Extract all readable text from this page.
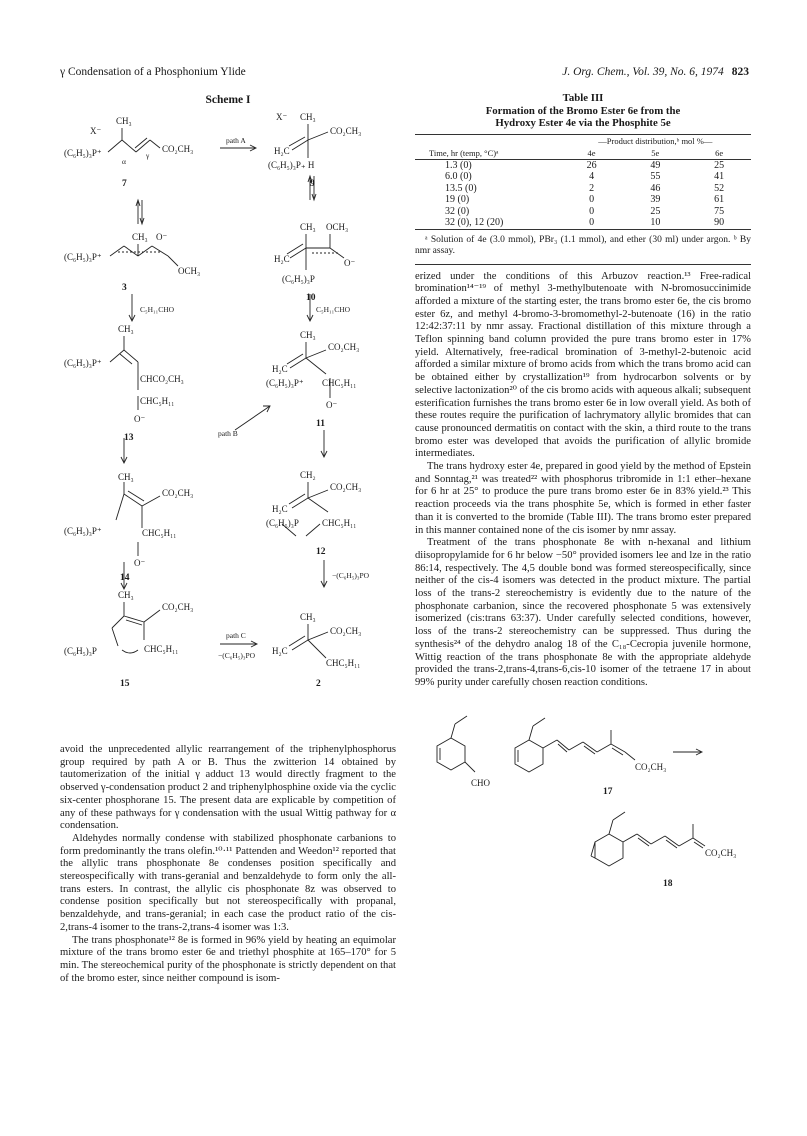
γ Condensation of a Phosphonium Ylide	J. Org. Chem., Vol. 39, No. 6, 1974 823
Scheme I
X⁻
CH₃
(C₆H₅)₃P⁺	CO₂CH₃
α
γ
7
path A
X⁻ CH₃
CO₂CH₃
H₂C
(C₆H₅)₃P₊ H
9
CH₃ O⁻
(C₆H₅)₃P⁺
OCH₃
3
CH₃ OCH₃
H₂C	O⁻
(C₆H₅)₃P
10
C₅H₁₁CHO	C₅H₁₁CHO
CH₃
(C₆H₅)₃P⁺
CHCO₂CH₃
CHC₅H₁₁
O⁻
13	path B
CH₃
CO₂CH₃
H₂C
(C₆H₅)₃P⁺ CHC₅H₁₁
O⁻
11
CH₃
CO₂CH₃
(C₆H₅)₃P⁺	CHC₅H₁₁
O⁻
14
CH₂
CO₂CH₃
H₂C
(C₆H₅)₃P	CHC₅H₁₁
12
−(C₆H₅)₃PO
CH₃
CO₂CH₃
(C₆H₅)₃P	CHC₅H₁₁
15
path C
−(C₆H₅)₃PO
CH₃
CO₂CH₃
H₂C
CHC₅H₁₁
2

avoid the unprecedented allylic rearrangement of the triphenylphosphorus group required by path A or B. Thus the zwitterion 14 obtained by tautomerization of the initial γ adduct 13 would directly fragment to the observed γ-condensation product 2 and triphenylphosphine oxide via the cyclic six-center phosphorane 15. The present data are explicable by competition of any of these pathways for γ condensation with the usual Wittig pathway for α condensation.

Aldehydes normally condense with stabilized phosphonate carbanions to form predominantly the trans olefin.¹⁰·¹¹ Pattenden and Weedon¹² reported that the allylic trans phosphonate 8e condenses position specifically and stereospecifically with trans-geranial and benzaldehyde to form only the all-trans esters. In contrast, the allylic cis phosphonate 8z was observed to condense position specifically but not stereospecifically with propanal, benzaldehyde, and trans-geranial; in each case the product ratio of the cis-2,trans-4 isomer to the trans-2,trans-4 isomer was 1:3.

The trans phosphonate¹² 8e is formed in 96% yield by heating an equimolar mixture of the trans bromo ester 6e and triethyl phosphite at 165–170° for 5 min. The stereochemical purity of the phosphonate is strictly dependent on that of the bromo ester, since neither compound is isom-

Table III
Formation of the Bromo Ester 6e from the
Hydroxy Ester 4e via the Phosphite 5e
	—Product distribution,ᵇ mol %—		
Time, hr (temp, °C)ᵃ	4e	5e	6e
1.3 (0)	26	49	25
6.0 (0)	4	55	41
13.5 (0)	2	46	52
19 (0)	0	39	61
32 (0)	0	25	75
32 (0), 12 (20)	0	10	90
ᵃ Solution of 4e (3.0 mmol), PBr₃ (1.1 mmol), and ether (30 ml) under argon. ᵇ By nmr assay.

erized under the conditions of this Arbuzov reaction.¹³ Free-radical bromination¹⁴⁻¹⁹ of methyl 3-methylbutenoate with N-bromosuccinimide afforded a mixture of the starting ester, the trans bromo ester 6e, the cis bromo ester 6z, and methyl 4-bromo-3-bromomethyl-2-butenoate (16) in the ratio 12:42:37:11 by nmr assay. Fractional distillation of this mixture through a Teflon spinning band column provided the pure trans bromo ester in 17% yield. Alternatively, free-radical bromination of 3-methyl-2-butenoic acid afforded a similar mixture of bromo acids from which the trans bromo acid can be obtained either by crystallization¹⁹ from hydrocarbon solvents or by selective lactonization²⁰ of the cis bromo acids with aqueous alkali; subsequent esterification furnishes the trans bromo ester 6e in low overall yield. As both of these routes require the purification of lachrymatory allylic bromides that can cause pronounced dermatitis on contact with the skin, a third route to the trans bromo ester was developed that avoids the purification of allylic bromide intermediates.

The trans hydroxy ester 4e, prepared in good yield by the method of Epstein and Sonntag,²¹ was treated²² with phosphorus tribromide in 1:1 ether–hexane for 6 hr at 25° to produce the pure trans bromo ester 6e in 83% yield.²³ This reaction proceeds via the trans phosphite 5e, which is formed in ether faster than it is converted to the bromide (Table III). The trans bromo ester prepared in this manner contained none of the cis isomer by nmr assay.

Treatment of the trans phosphonate 8e with n-hexanal and lithium diisopropylamide for 6 hr below −50° provided isomers lee and lze in the ratio 86:14, respectively. The 4,5 double bond was formed stereospecifically, since neither of the cis-4 isomers was detected in the product mixture. The partial loss of the trans-2 stereochemistry is evidently due to the nature of the phosphonate carbanion, since the recovered phosphonate 5 was extensively isomerized (cis:trans 63:37). Under carefully selected conditions, however, loss of the trans-2 stereochemistry can be suppressed. Thus during the synthesis²⁴ of the dehydro analog 18 of the C₁₈-Cecropia juvenile hormone, Wittig reaction of the trans phosphonate 8e with the appropriate aldehyde provided the trans-2,trans-4,trans-6,cis-10 isomer of the tetraene 17 in about 99% purity under carefully chosen reaction conditions.

CHO
CO₂CH₃
17
CO₂CH₃
18
